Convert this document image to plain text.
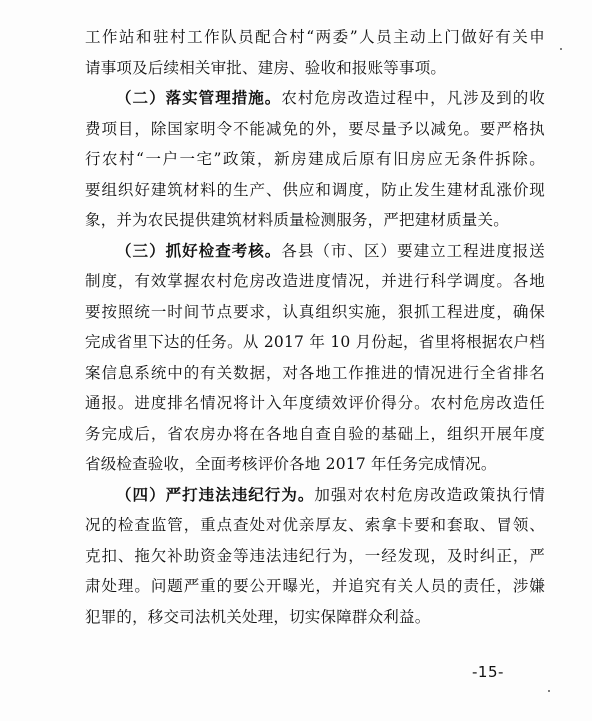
工作站和驻村工作队员配合村“两委”人员主动上门做好有关申
请事项及后续相关审批、建房、验收和报账等事项。
（二）落实管理措施。农村危房改造过程中，凡涉及到的收
费项目，除国家明令不能减免的外，要尽量予以减免。要严格执
行农村“一户一宅”政策，新房建成后原有旧房应无条件拆除。
要组织好建筑材料的生产、供应和调度，防止发生建材乱涨价现
象，并为农民提供建筑材料质量检测服务，严把建材质量关。
（三）抓好检查考核。各县（市、区）要建立工程进度报送
制度，有效掌握农村危房改造进度情况，并进行科学调度。各地
要按照统一时间节点要求，认真组织实施，狠抓工程进度，确保
完成省里下达的任务。从 2017 年 10 月份起，省里将根据农户档
案信息系统中的有关数据，对各地工作推进的情况进行全省排名
通报。进度排名情况将计入年度绩效评价得分。农村危房改造任
务完成后，省农房办将在各地自查自验的基础上，组织开展年度
省级检查验收，全面考核评价各地 2017 年任务完成情况。
（四）严打违法违纪行为。加强对农村危房改造政策执行情
况的检查监管，重点查处对优亲厚友、索拿卡要和套取、冒领、
克扣、拖欠补助资金等违法违纪行为，一经发现，及时纠正，严
肃处理。问题严重的要公开曝光，并追究有关人员的责任，涉嫌
犯罪的，移交司法机关处理，切实保障群众利益。
-15-
